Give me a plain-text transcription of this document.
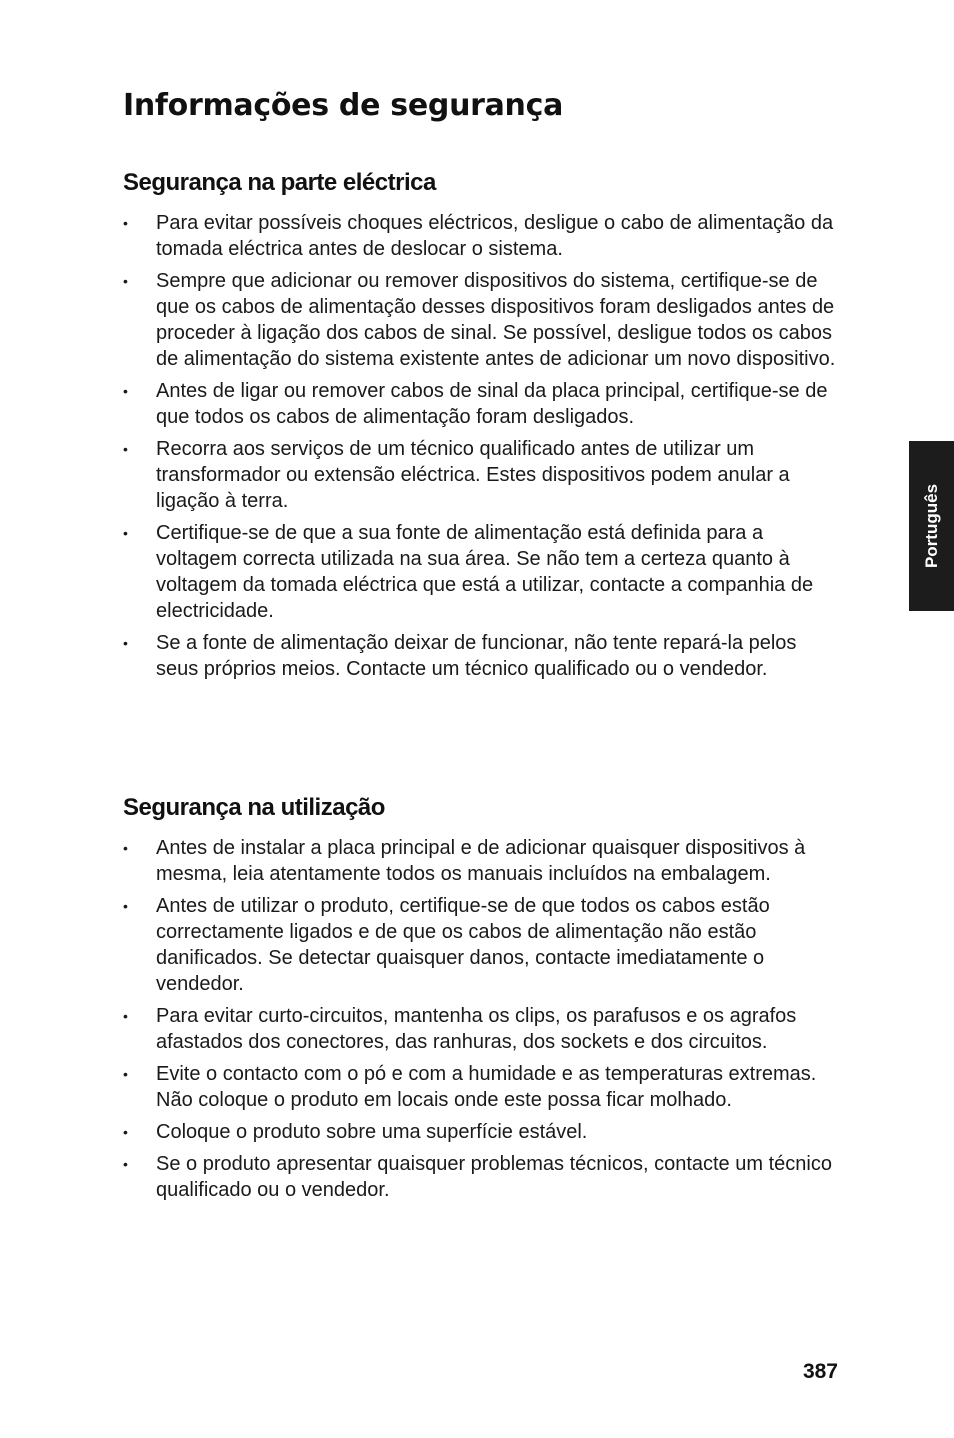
Informações de segurança
Segurança na parte eléctrica
• Para evitar possíveis choques eléctricos, desligue o cabo de alimentação da tomada eléctrica antes de deslocar o sistema.
• Sempre que adicionar ou remover dispositivos do sistema, certifique-se de que os cabos de alimentação desses dispositivos foram desligados antes de proceder à ligação dos cabos de sinal. Se possível, desligue todos os cabos de alimentação do sistema existente antes de adicionar um novo dispositivo.
• Antes de ligar ou remover cabos de sinal da placa principal, certifique-se de que todos os cabos de alimentação foram desligados.
• Recorra aos serviços de um técnico qualificado antes de utilizar um transformador ou extensão eléctrica. Estes dispositivos podem anular a ligação à terra.
• Certifique-se de que a sua fonte de alimentação está definida para a voltagem correcta utilizada na sua área. Se não tem a certeza quanto à voltagem da tomada eléctrica que está a utilizar, contacte a companhia de electricidade.
• Se a fonte de alimentação deixar de funcionar, não tente repará-la pelos seus próprios meios. Contacte um técnico qualificado ou o vendedor.
Segurança na utilização
• Antes de instalar a placa principal e de adicionar quaisquer dispositivos à mesma, leia atentamente todos os manuais incluídos na embalagem.
• Antes de utilizar o produto, certifique-se de que todos os cabos estão correctamente ligados e de que os cabos de alimentação não estão danificados. Se detectar quaisquer danos, contacte imediatamente o vendedor.
• Para evitar curto-circuitos, mantenha os clips, os parafusos e os agrafos afastados dos conectores, das ranhuras, dos sockets e dos circuitos.
• Evite o contacto com o pó e com a humidade e as temperaturas extremas. Não coloque o produto em locais onde este possa ficar molhado.
• Coloque o produto sobre uma superfície estável.
• Se o produto apresentar quaisquer problemas técnicos, contacte um técnico qualificado ou o vendedor.
Português
387
